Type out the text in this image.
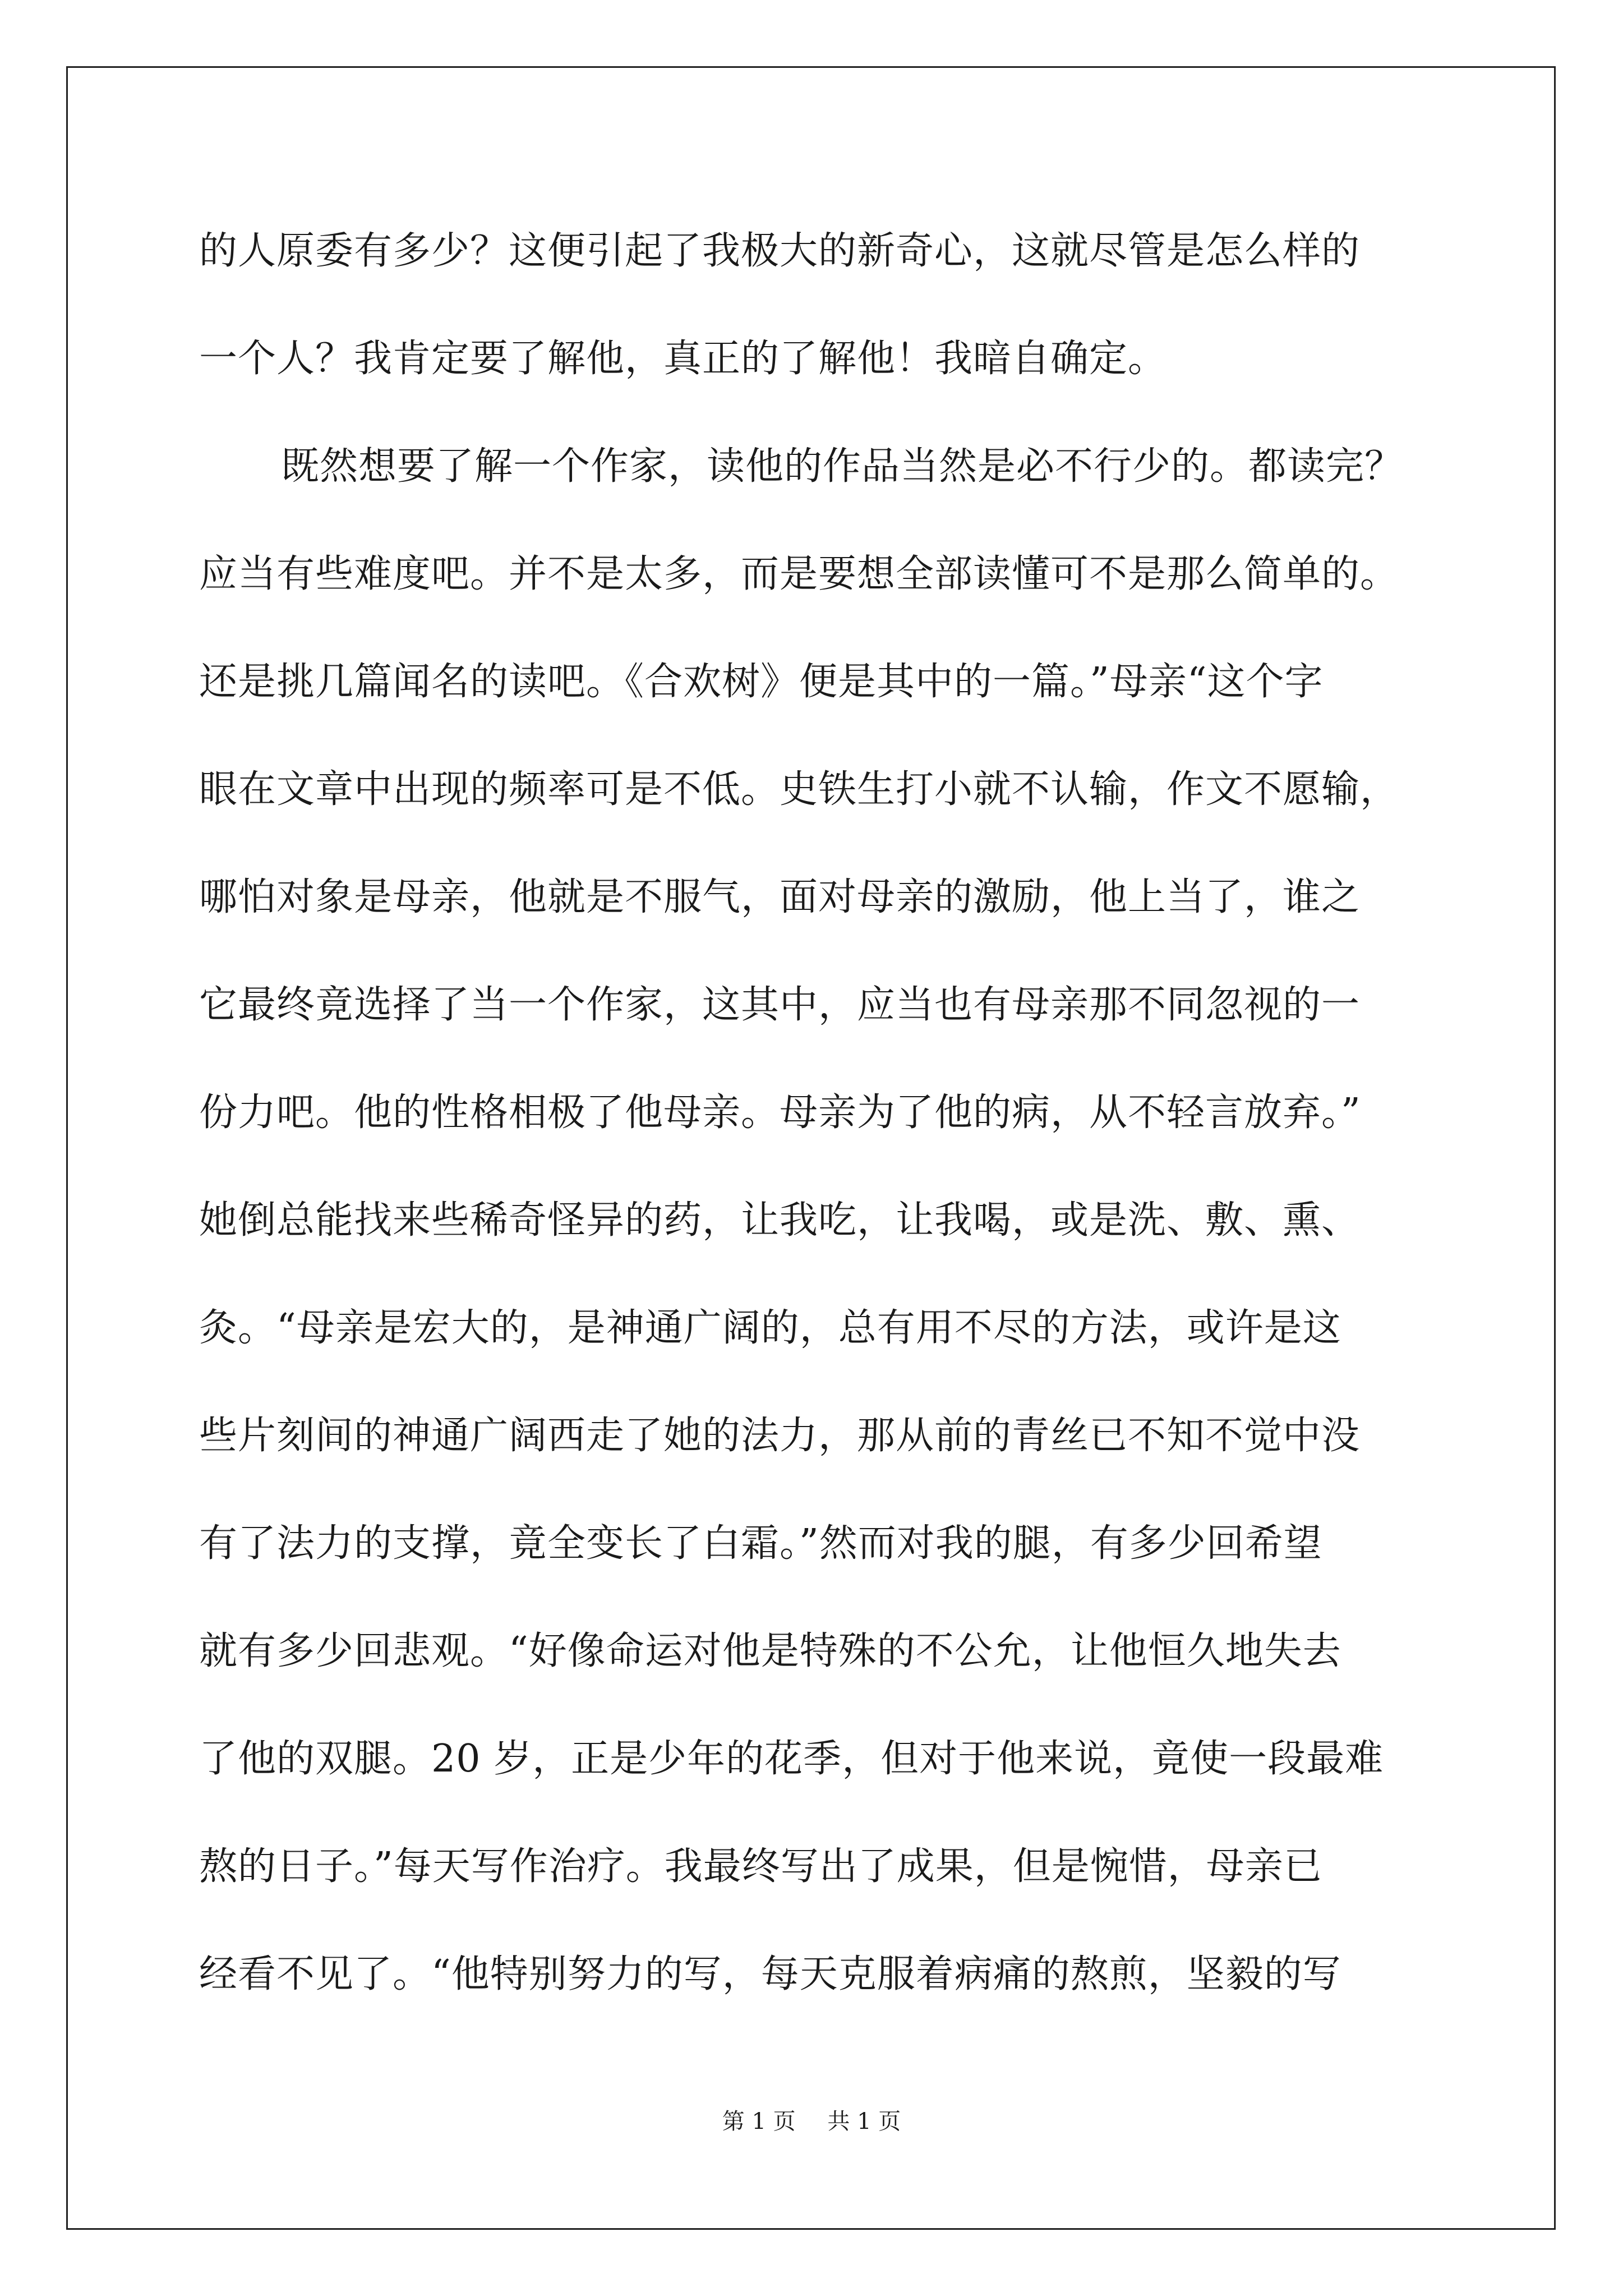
的人原委有多少？这便引起了我极大的新奇心，这就尽管是怎么样的
一个人？我肯定要了解他，真正的了解他！我暗自确定。
既然想要了解一个作家，读他的作品当然是必不行少的。都读完？
应当有些难度吧。并不是太多，而是要想全部读懂可不是那么简单的。
还是挑几篇闻名的读吧。《合欢树》便是其中的一篇。”母亲“这个字
眼在文章中出现的频率可是不低。史铁生打小就不认输，作文不愿输，
哪怕对象是母亲，他就是不服气，面对母亲的激励，他上当了，谁之
它最终竟选择了当一个作家，这其中，应当也有母亲那不同忽视的一
份力吧。他的性格相极了他母亲。母亲为了他的病，从不轻言放弃。”
她倒总能找来些稀奇怪异的药，让我吃，让我喝，或是洗、敷、熏、
灸。“母亲是宏大的，是神通广阔的，总有用不尽的方法，或许是这
些片刻间的神通广阔西走了她的法力，那从前的青丝已不知不觉中没
有了法力的支撑，竟全变长了白霜。”然而对我的腿，有多少回希望
就有多少回悲观。“好像命运对他是特殊的不公允，让他恒久地失去
了他的双腿。20 岁，正是少年的花季，但对于他来说，竟使一段最难
熬的日子。”每天写作治疗。我最终写出了成果，但是惋惜，母亲已
经看不见了。“他特别努力的写，每天克服着病痛的熬煎，坚毅的写
第 1 页 共 1 页
